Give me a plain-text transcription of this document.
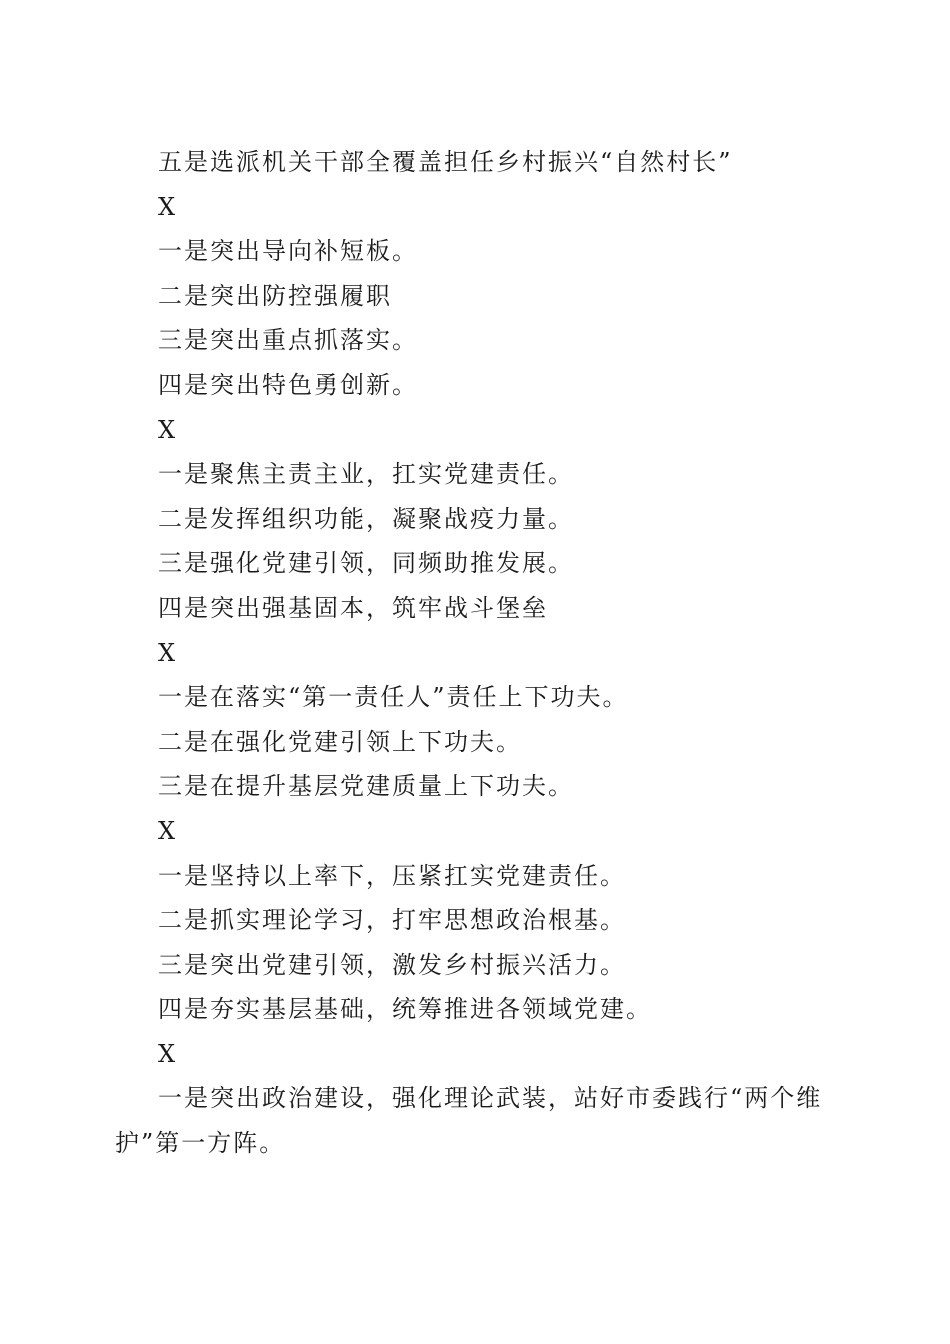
五是选派机关干部全覆盖担任乡村振兴“自然村长”
X
一是突出导向补短板。
二是突出防控强履职
三是突出重点抓落实。
四是突出特色勇创新。
X
一是聚焦主责主业，扛实党建责任。
二是发挥组织功能，凝聚战疫力量。
三是强化党建引领，同频助推发展。
四是突出强基固本，筑牢战斗堡垒
X
一是在落实“第一责任人”责任上下功夫。
二是在强化党建引领上下功夫。
三是在提升基层党建质量上下功夫。
X
一是坚持以上率下，压紧扛实党建责任。
二是抓实理论学习，打牢思想政治根基。
三是突出党建引领，激发乡村振兴活力。
四是夯实基层基础，统筹推进各领域党建。
X

一是突出政治建设，强化理论武装，站好市委践行“两个维护”第一方阵。
